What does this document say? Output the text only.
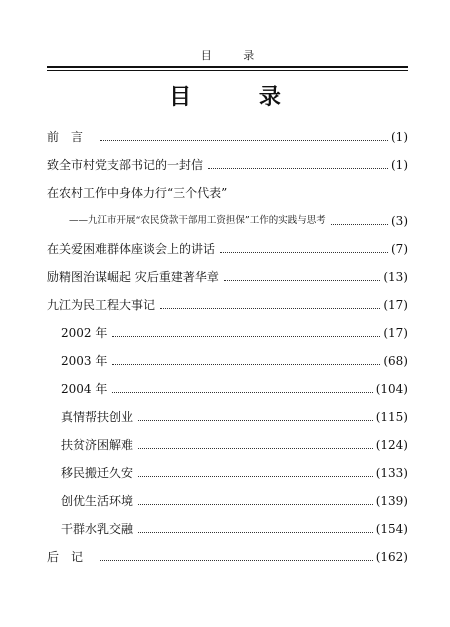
目 录
目 录
前言	(1)
致全市村党支部书记的一封信	(1)
在农村工作中身体力行“三个代表”
——九江市开展“农民贷款干部用工资担保”工作的实践与思考	(3)
在关爱困难群体座谈会上的讲话	(7)
励精图治谋崛起 灾后重建著华章	(13)
九江为民工程大事记	(17)
2002 年	(17)
2003 年	(68)
2004 年	(104)
真情帮扶创业	(115)
扶贫济困解难	(124)
移民搬迁久安	(133)
创优生活环境	(139)
干群水乳交融	(154)
后记	(162)
